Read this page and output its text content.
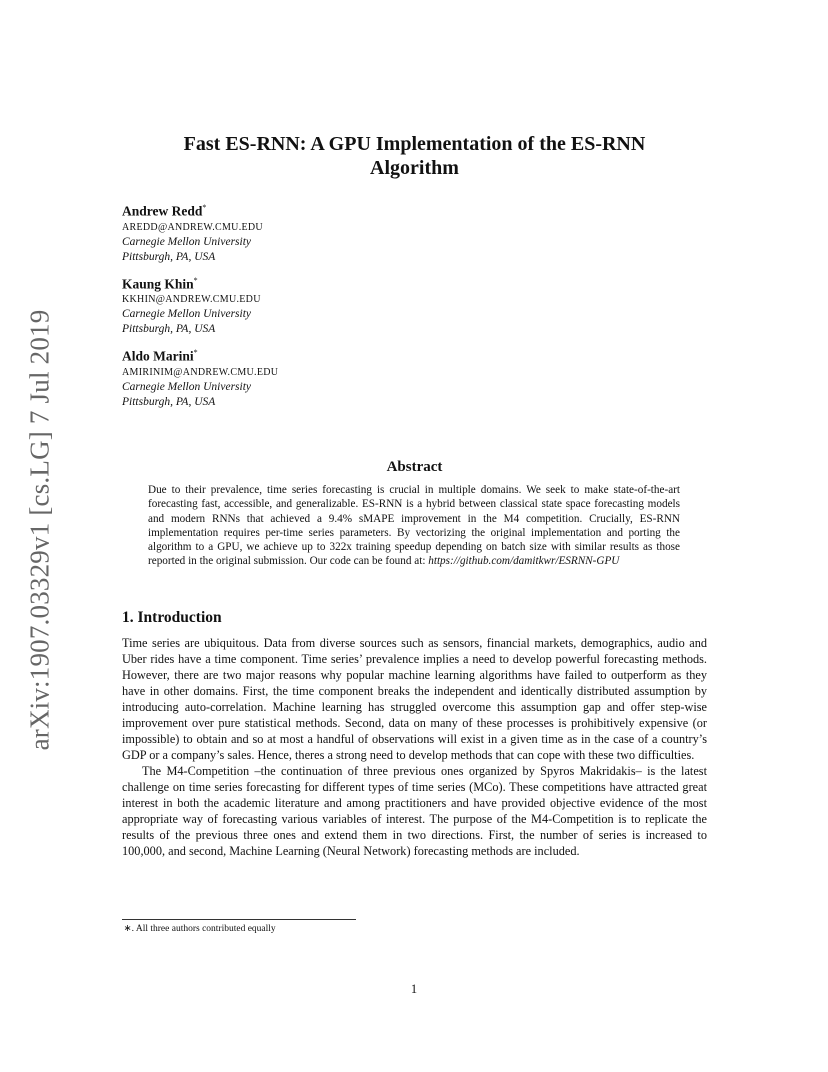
arXiv:1907.03329v1 [cs.LG] 7 Jul 2019
Fast ES-RNN: A GPU Implementation of the ES-RNN
Algorithm
Andrew Redd*
AREDD@ANDREW.CMU.EDU
Carnegie Mellon University
Pittsburgh, PA, USA
Kaung Khin*
KKHIN@ANDREW.CMU.EDU
Carnegie Mellon University
Pittsburgh, PA, USA
Aldo Marini*
AMIRINIM@ANDREW.CMU.EDU
Carnegie Mellon University
Pittsburgh, PA, USA
Abstract
Due to their prevalence, time series forecasting is crucial in multiple domains. We seek to make state-of-the-art forecasting fast, accessible, and generalizable. ES-RNN is a hybrid between classical state space forecasting models and modern RNNs that achieved a 9.4% sMAPE improvement in the M4 competition. Crucially, ES-RNN implementation requires per-time series parameters. By vectorizing the original implementation and porting the algorithm to a GPU, we achieve up to 322x training speedup depending on batch size with similar results as those reported in the original submission. Our code can be found at: https://github.com/damitkwr/ESRNN-GPU
1. Introduction

Time series are ubiquitous. Data from diverse sources such as sensors, financial markets, demographics, audio and Uber rides have a time component. Time series’ prevalence implies a need to develop powerful forecasting methods. However, there are two major reasons why popular machine learning algorithms have failed to outperform as they have in other domains. First, the time component breaks the independent and identically distributed assumption by introducing auto-correlation. Machine learning has struggled overcome this assumption gap and offer step-wise improvement over pure statistical methods. Second, data on many of these processes is prohibitively expensive (or impossible) to obtain and so at most a handful of observations will exist in a given time as in the case of a country’s GDP or a company’s sales. Hence, theres a strong need to develop methods that can cope with these two difficulties.

The M4-Competition –the continuation of three previous ones organized by Spyros Makridakis– is the latest challenge on time series forecasting for different types of time series (MCo). These competitions have attracted great interest in both the academic literature and among practitioners and have provided objective evidence of the most appropriate way of forecasting various variables of interest. The purpose of the M4-Competition is to replicate the results of the previous three ones and extend them in two directions. First, the number of series is increased to 100,000, and second, Machine Learning (Neural Network) forecasting methods are included.

∗. All three authors contributed equally
1
